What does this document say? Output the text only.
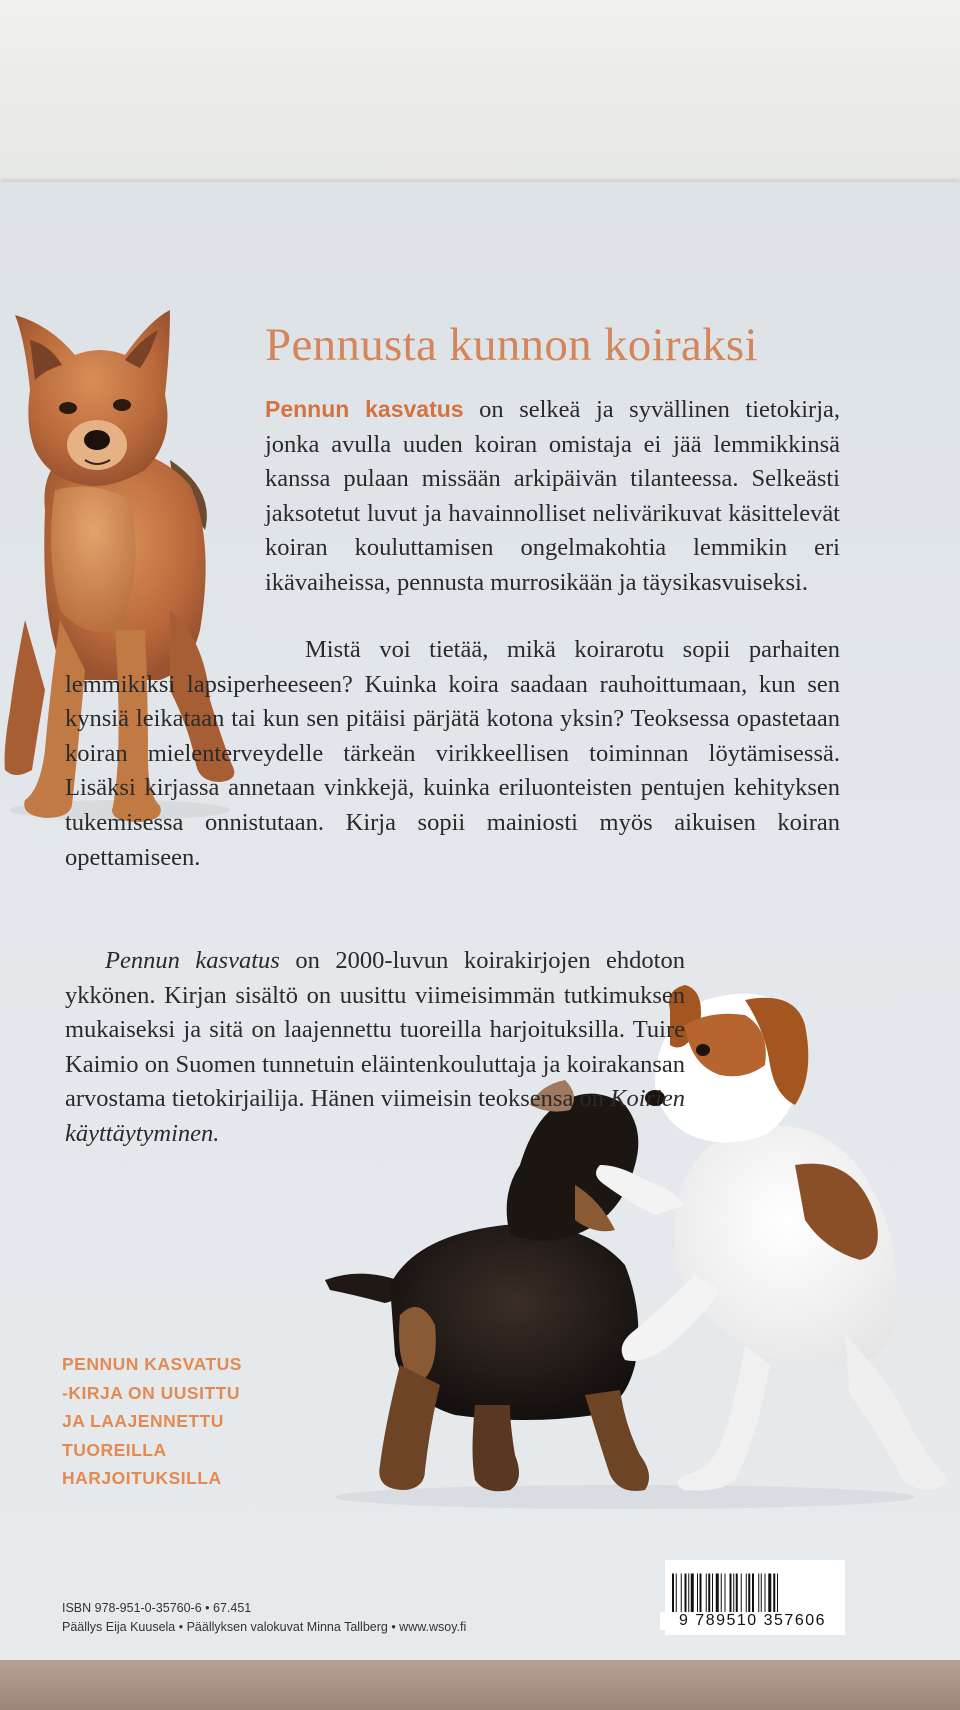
Pennusta kunnon koiraksi

Pennun kasvatus on selkeä ja syvällinen tietokirja, jonka avulla uuden koiran omistaja ei jää lemmikkinsä kanssa pulaan missään arkipäivän tilanteessa. Selkeästi jaksotetut luvut ja havainnolliset nelivärikuvat käsittelevät koiran kouluttamisen ongelmakohtia lemmikin eri ikävaiheissa, pennusta murrosikään ja täysikasvuiseksi.

Mistä voi tietää, mikä koirarotu sopii parhaiten lemmikiksi lapsiperheeseen? Kuinka koira saadaan rauhoittumaan, kun sen kynsiä leikataan tai kun sen pitäisi pärjätä kotona yksin? Teoksessa opastetaan koiran mielenterveydelle tärkeän virikkeellisen toiminnan löytämisessä. Lisäksi kirjassa annetaan vinkkejä, kuinka eriluonteisten pentujen kehityksen tukemisessa onnistutaan. Kirja sopii mainiosti myös aikuisen koiran opettamiseen.

Pennun kasvatus on 2000-luvun koirakirjojen ehdoton ykkönen. Kirjan sisältö on uusittu viimeisimmän tutkimuksen mukaiseksi ja sitä on laajennettu tuoreilla harjoituksilla. Tuire Kaimio on Suomen tunnetuin eläintenkouluttaja ja koirakansan arvostama tietokirjailija. Hänen viimeisin teoksensa on Koirien käyttäytyminen.

PENNUN KASVATUS
-KIRJA ON UUSITTU
JA LAAJENNETTU
TUOREILLA
HARJOITUKSILLA
ISBN 978-951-0-35760-6 • 67.451
Päällys Eija Kuusela • Päällyksen valokuvat Minna Tallberg • www.wsoy.fi	9 789510 357606
